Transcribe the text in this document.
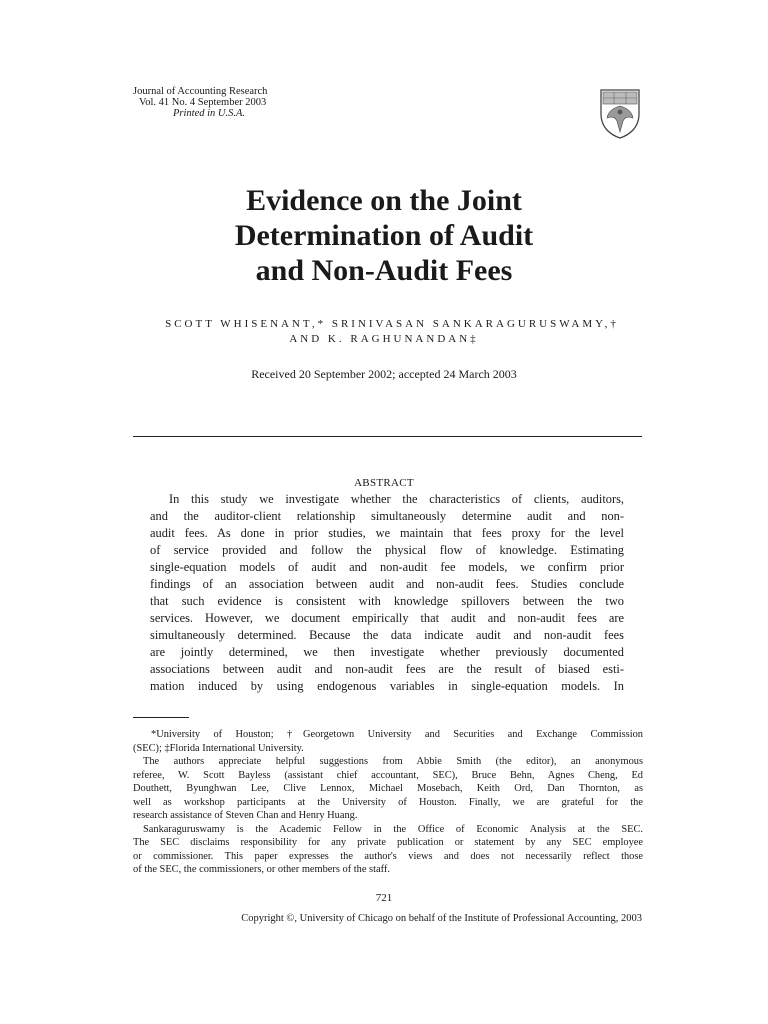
Journal of Accounting Research
Vol. 41 No. 4 September 2003
Printed in U.S.A.
Evidence on the Joint
Determination of Audit
and Non-Audit Fees
SCOTT WHISENANT,* SRINIVASAN SANKARAGURUSWAMY,†
AND K. RAGHUNANDAN‡
Received 20 September 2002; accepted 24 March 2003
ABSTRACT
In this study we investigate whether the characteristics of clients, auditors,
and the auditor-client relationship simultaneously determine audit and non-
audit fees. As done in prior studies, we maintain that fees proxy for the level
of service provided and follow the physical flow of knowledge. Estimating
single-equation models of audit and non-audit fee models, we confirm prior
findings of an association between audit and non-audit fees. Studies conclude
that such evidence is consistent with knowledge spillovers between the two
services. However, we document empirically that audit and non-audit fees are
simultaneously determined. Because the data indicate audit and non-audit fees
are jointly determined, we then investigate whether previously documented
associations between audit and non-audit fees are the result of biased esti-
mation induced by using endogenous variables in single-equation models. In
*University of Houston; †Georgetown University and Securities and Exchange Commission
(SEC); ‡Florida International University.
The authors appreciate helpful suggestions from Abbie Smith (the editor), an anonymous
referee, W. Scott Bayless (assistant chief accountant, SEC), Bruce Behn, Agnes Cheng, Ed
Douthett, Byunghwan Lee, Clive Lennox, Michael Mosebach, Keith Ord, Dan Thornton, as
well as workshop participants at the University of Houston. Finally, we are grateful for the
research assistance of Steven Chan and Henry Huang.
Sankaraguruswamy is the Academic Fellow in the Office of Economic Analysis at the SEC.
The SEC disclaims responsibility for any private publication or statement by any SEC employee
or commissioner. This paper expresses the author's views and does not necessarily reflect those
of the SEC, the commissioners, or other members of the staff.
721
Copyright ©, University of Chicago on behalf of the Institute of Professional Accounting, 2003
